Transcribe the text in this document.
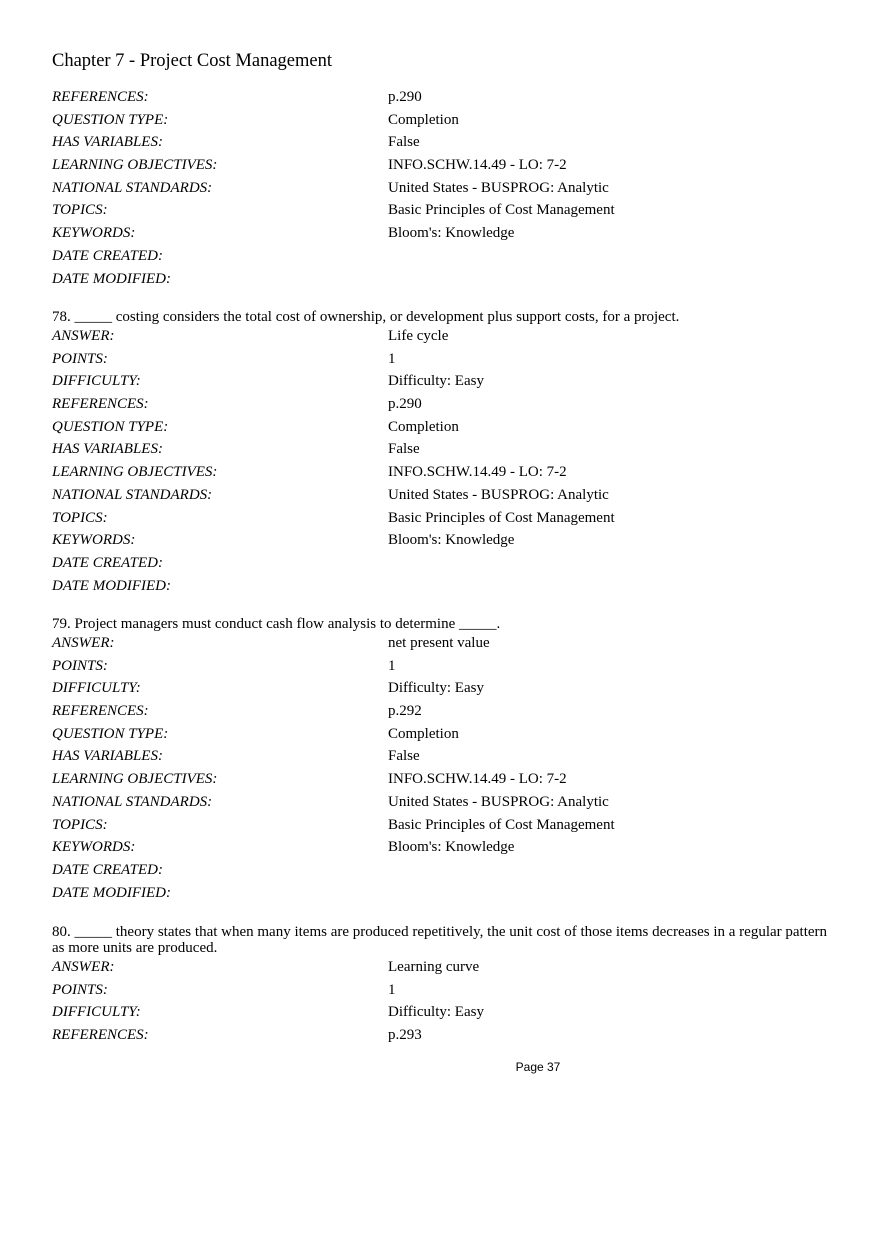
Chapter 7 - Project Cost Management
REFERENCES:	p.290
QUESTION TYPE:	Completion
HAS VARIABLES:	False
LEARNING OBJECTIVES:	INFO.SCHW.14.49 - LO: 7-2
NATIONAL STANDARDS:	United States - BUSPROG: Analytic
TOPICS:	Basic Principles of Cost Management
KEYWORDS:	Bloom's: Knowledge
DATE CREATED:
DATE MODIFIED:

78. _____ costing considers the total cost of ownership, or development plus support costs, for a project.

ANSWER:	Life cycle
POINTS:	1
DIFFICULTY:	Difficulty: Easy
REFERENCES:	p.290
QUESTION TYPE:	Completion
HAS VARIABLES:	False
LEARNING OBJECTIVES:	INFO.SCHW.14.49 - LO: 7-2
NATIONAL STANDARDS:	United States - BUSPROG: Analytic
TOPICS:	Basic Principles of Cost Management
KEYWORDS:	Bloom's: Knowledge
DATE CREATED:
DATE MODIFIED:

79. Project managers must conduct cash flow analysis to determine _____.

ANSWER:	net present value
POINTS:	1
DIFFICULTY:	Difficulty: Easy
REFERENCES:	p.292
QUESTION TYPE:	Completion
HAS VARIABLES:	False
LEARNING OBJECTIVES:	INFO.SCHW.14.49 - LO: 7-2
NATIONAL STANDARDS:	United States - BUSPROG: Analytic
TOPICS:	Basic Principles of Cost Management
KEYWORDS:	Bloom's: Knowledge
DATE CREATED:
DATE MODIFIED:

80. _____ theory states that when many items are produced repetitively, the unit cost of those items decreases in a regular pattern as more units are produced.

ANSWER:	Learning curve
POINTS:	1
DIFFICULTY:	Difficulty: Easy
REFERENCES:	p.293
Page 37
